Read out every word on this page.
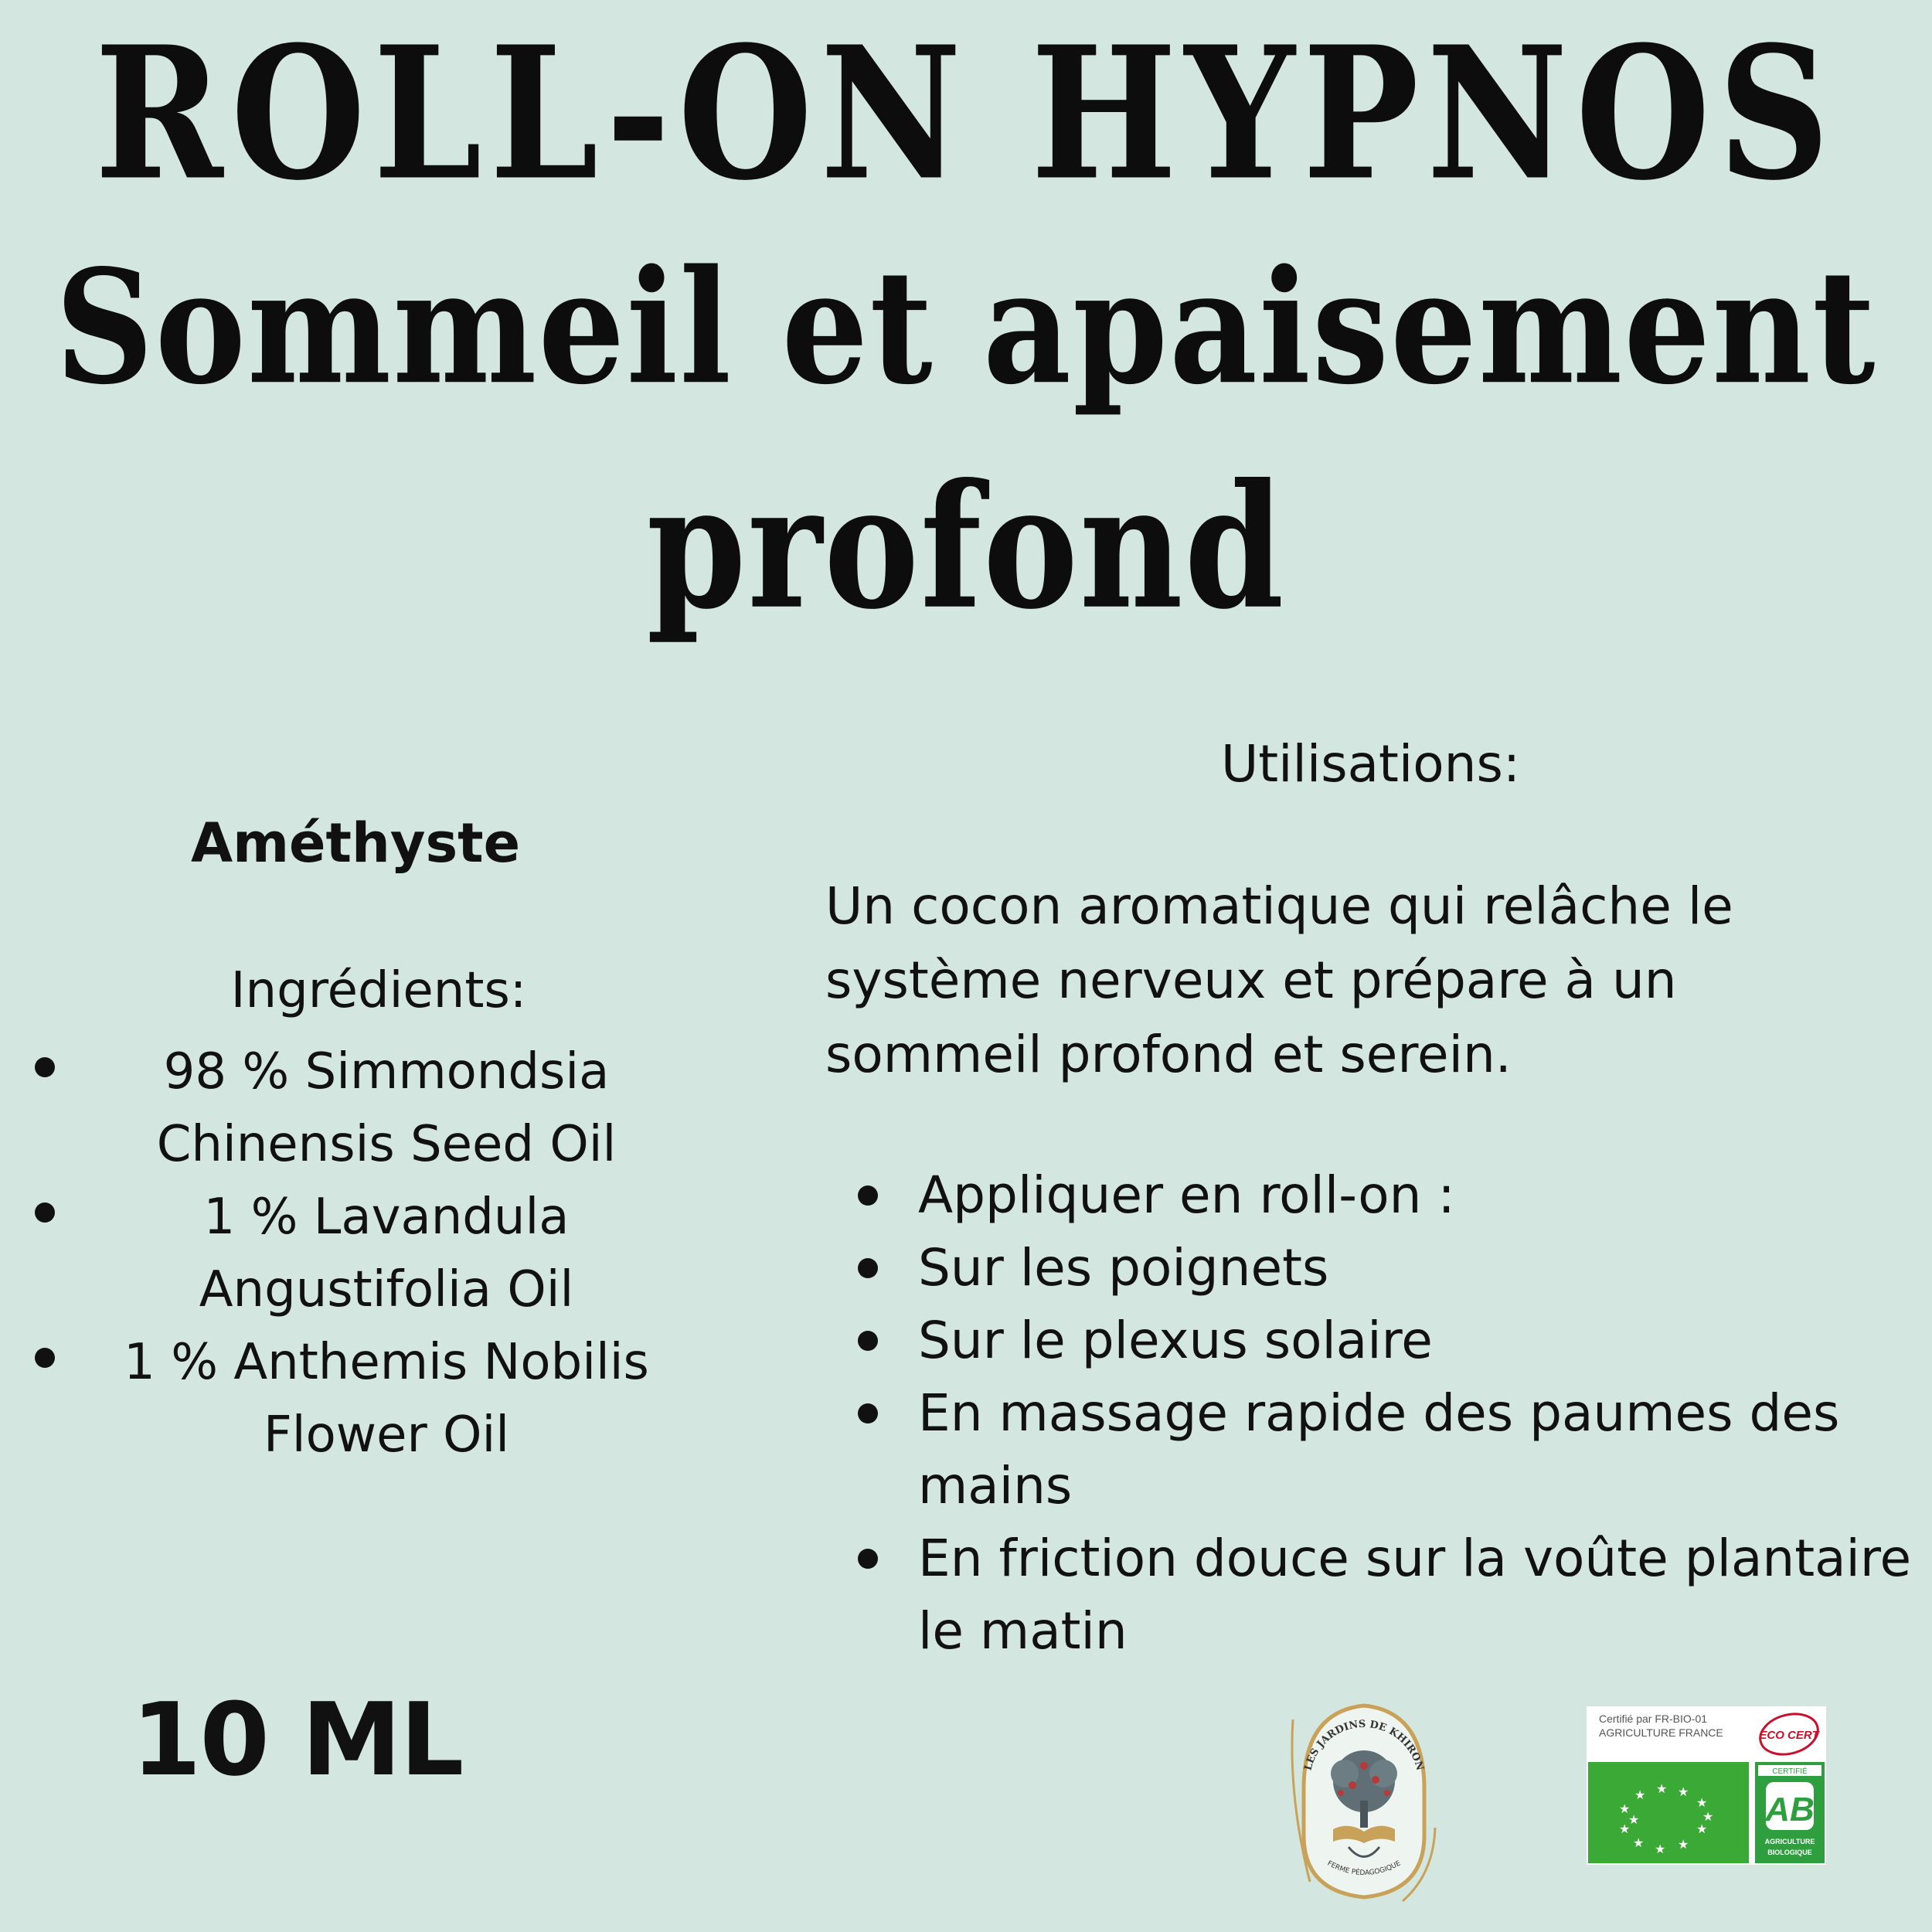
ROLL-ON HYPNOS
Sommeil et apaisement
profond
Améthyste
Ingrédients:
98 % Simmondsia Chinensis Seed Oil
1 % Lavandula Angustifolia Oil
1 % Anthemis Nobilis Flower Oil
Utilisations:

Un cocon aromatique qui relâche le système nerveux et prépare à un sommeil profond et serein.

Appliquer en roll-on :
Sur les poignets
Sur le plexus solaire
En massage rapide des paumes des mains
En friction douce sur la voûte plantaire le matin
10 ML	LES JARDINS DE KHIRON
FERME PÉDAGOGIQUE
Certifié par FR-BIO-01
AGRICULTURE FRANCE	ECO CERT
★ ★ ★
★
★
★
★ ★ ★
★
★
★
CERTIFIÉ
AB
AGRICULTURE
BIOLOGIQUE
